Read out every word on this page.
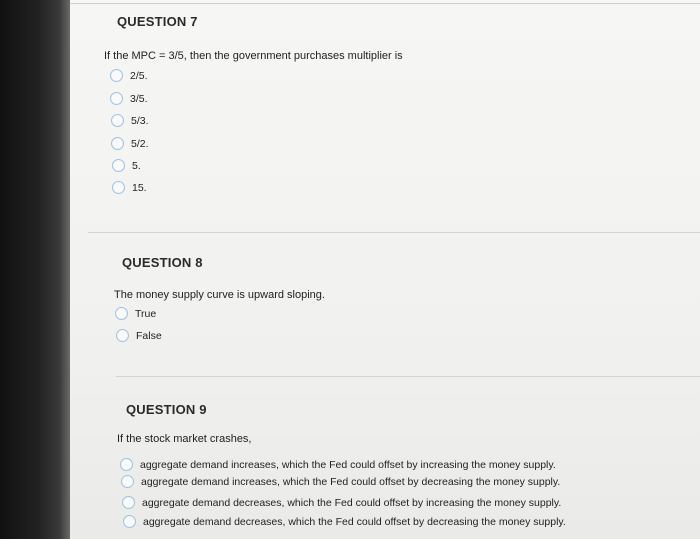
QUESTION 7
If the MPC = 3/5, then the government purchases multiplier is
2/5.
3/5.
5/3.
5/2.
5.
15.
QUESTION 8
The money supply curve is upward sloping.
True
False
QUESTION 9
If the stock market crashes,
aggregate demand increases, which the Fed could offset by increasing the money supply.
aggregate demand increases, which the Fed could offset by decreasing the money supply.
aggregate demand decreases, which the Fed could offset by increasing the money supply.
aggregate demand decreases, which the Fed could offset by decreasing the money supply.
